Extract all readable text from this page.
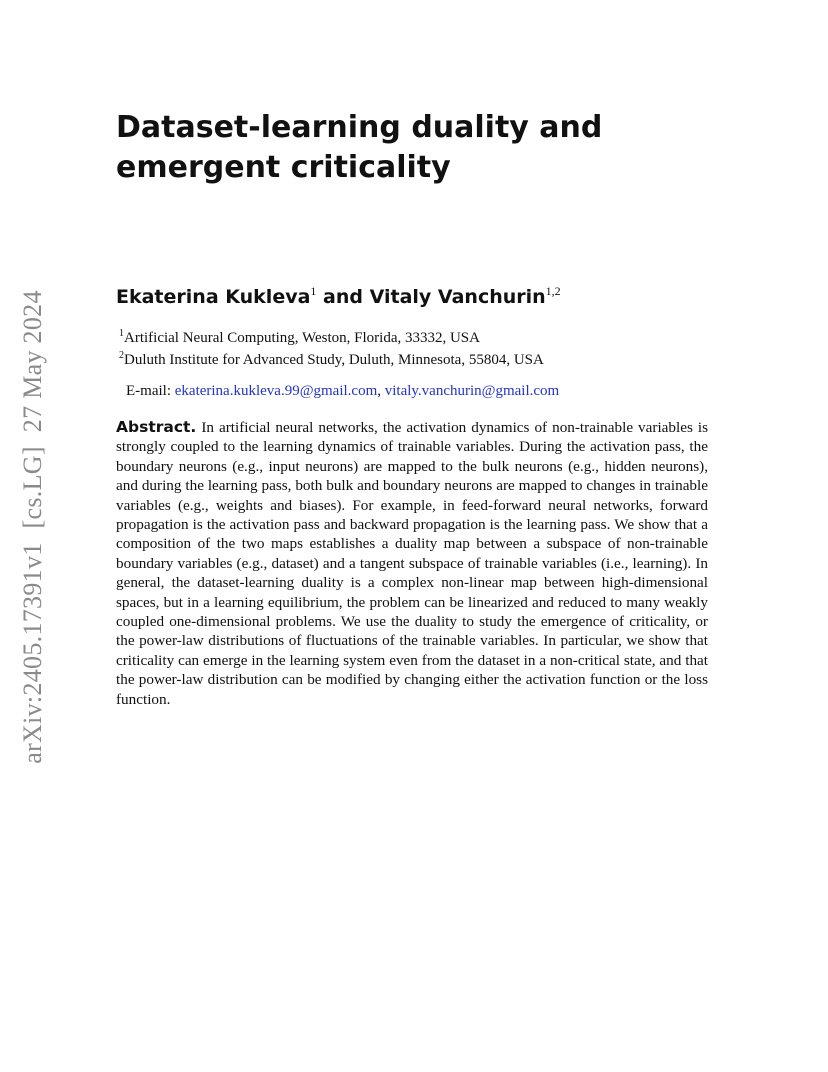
arXiv:2405.17391v1[cs.LG]27 May 2024
Dataset-learning duality and emergent criticality
Ekaterina Kukleva$^1$ and Vitaly Vanchurin$^{1,2}$
$^1$Artificial Neural Computing, Weston, Florida, 33332, USA
$^2$Duluth Institute for Advanced Study, Duluth, Minnesota, 55804, USA
E-mail: ekaterina.kukleva.99@gmail.com, vitaly.vanchurin@gmail.com

Abstract. In artificial neural networks, the activation dynamics of non-trainable variables is strongly coupled to the learning dynamics of trainable variables. During the activation pass, the boundary neurons (e.g., input neurons) are mapped to the bulk neurons (e.g., hidden neurons), and during the learning pass, both bulk and boundary neurons are mapped to changes in trainable variables (e.g., weights and biases). For example, in feed-forward neural networks, forward propagation is the activation pass and backward propagation is the learning pass. We show that a composition of the two maps establishes a duality map between a subspace of non-trainable boundary variables (e.g., dataset) and a tangent subspace of trainable variables (i.e., learning). In general, the dataset-learning duality is a complex non-linear map between high-dimensional spaces, but in a learning equilibrium, the problem can be linearized and reduced to many weakly coupled one-dimensional problems. We use the duality to study the emergence of criticality, or the power-law distributions of fluctuations of the trainable variables. In particular, we show that criticality can emerge in the learning system even from the dataset in a non-critical state, and that the power-law distribution can be modified by changing either the activation function or the loss function.
